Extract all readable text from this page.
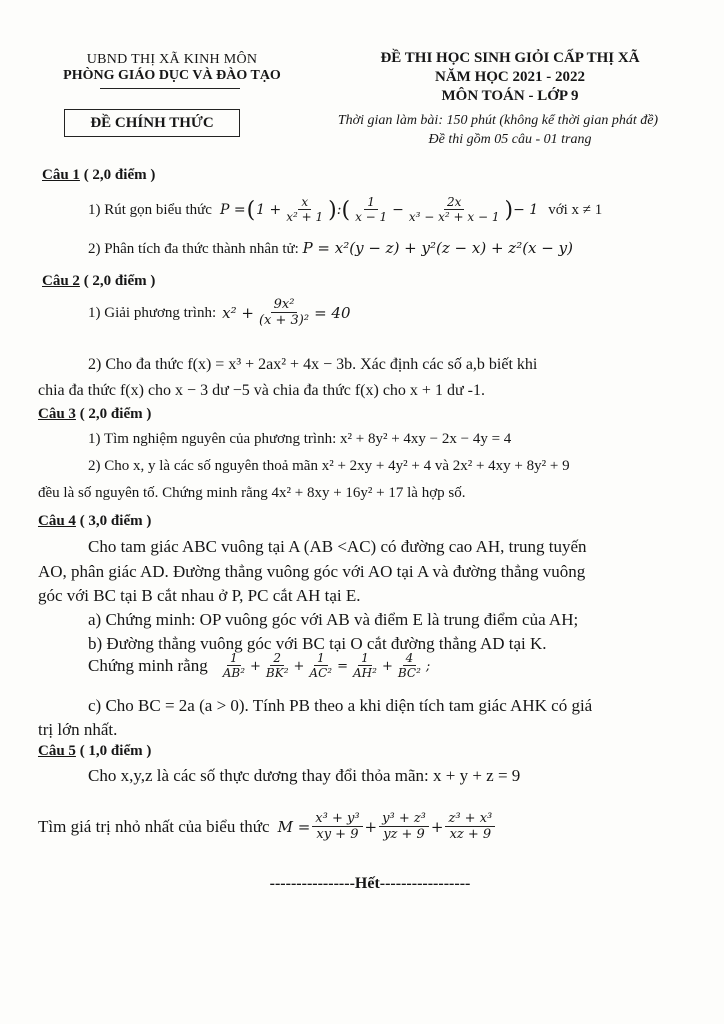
UBND THỊ XÃ KINH MÔN
PHÒNG GIÁO DỤC VÀ ĐÀO TẠO
ĐỀ CHÍNH THỨC
ĐỀ THI HỌC SINH GIỎI CẤP THỊ XÃ
NĂM HỌC 2021 - 2022
MÔN TOÁN - LỚP 9
Thời gian làm bài: 150 phút (không kể thời gian phát đề)
Đề thi gồm 05 câu - 01 trang
Câu 1 ( 2,0 điểm )
1) Rút gọn biểu thức P = ( $1 + \frac{x}{\text{x² + 1}}$ ) : ( $\frac{1}{x - 1} - \frac{2x}{\text{x³ − x² + x − 1}}$ ) − 1 với x ≠ 1
2) Phân tích đa thức thành nhân tử: P = x²(y − z) + y²(z − x) + z²(x − y)
Câu 2 ( 2,0 điểm )
1) Giải phương trình: $x^2 + \frac{\text{9x²}}{\text{(x + 3)²}} = 40$
2) Cho đa thức f(x) = x³ + 2ax² + 4x − 3b. Xác định các số a,b biết khi
chia đa thức f(x) cho x − 3 dư −5 và chia đa thức f(x) cho x + 1 dư -1.
Câu 3 ( 2,0 điểm )
1) Tìm nghiệm nguyên của phương trình: x² + 8y² + 4xy − 2x − 4y = 4
2) Cho x, y là các số nguyên thoả mãn x² + 2xy + 4y² + 4 và 2x² + 4xy + 8y² + 9
đều là số nguyên tố. Chứng minh rằng 4x² + 8xy + 16y² + 17 là hợp số.
Câu 4 ( 3,0 điểm )
Cho tam giác ABC vuông tại A (AB <AC) có đường cao AH, trung tuyến
AO, phân giác AD. Đường thẳng vuông góc với AO tại A và đường thẳng vuông
góc với BC tại B cắt nhau ở P, PC cắt AH tại E.
a) Chứng minh: OP vuông góc với AB và điểm E là trung điểm của AH;
b) Đường thẳng vuông góc với BC tại O cắt đường thẳng AD tại K.
Chứng minh rằng $\frac{1}{\text{AB²}} + \frac{2}{\text{BK²}} + \frac{1}{\text{AC²}} = \frac{1}{\text{AH²}} + \frac{4}{\text{BC²}}$ ;
c) Cho BC = 2a (a > 0). Tính PB theo a khi diện tích tam giác AHK có giá
trị lớn nhất.
Câu 5 ( 1,0 điểm )
Cho x,y,z là các số thực dương thay đổi thỏa mãn: x + y + z = 9
Tìm giá trị nhỏ nhất của biểu thức $M = \frac{\text{x³ + y³}}{xy + 9} + \frac{\text{y³ + z³}}{yz + 9} + \frac{\text{z³ + x³}}{xz + 9}$
----------------Hết-----------------
